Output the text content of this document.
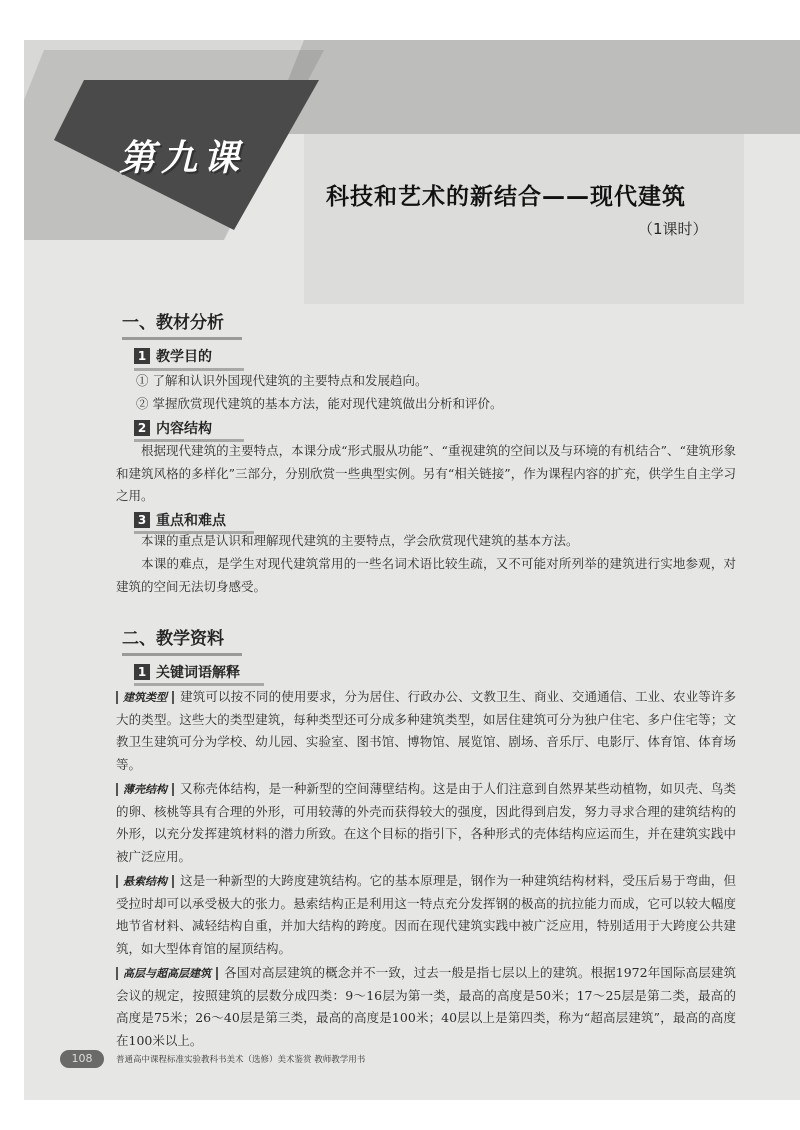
第九课
科技和艺术的新结合——现代建筑
（1课时）
一、教材分析
1 教学目的
① 了解和认识外国现代建筑的主要特点和发展趋向。
② 掌握欣赏现代建筑的基本方法，能对现代建筑做出分析和评价。
2 内容结构
根据现代建筑的主要特点，本课分成“形式服从功能”、“重视建筑的空间以及与环境的有机结合”、“建筑形象和建筑风格的多样化”三部分，分别欣赏一些典型实例。另有“相关链接”，作为课程内容的扩充，供学生自主学习之用。
3 重点和难点
本课的重点是认识和理解现代建筑的主要特点，学会欣赏现代建筑的基本方法。
本课的难点，是学生对现代建筑常用的一些名词术语比较生疏，又不可能对所列举的建筑进行实地参观，对建筑的空间无法切身感受。
二、教学资料
1 关键词语解释
建筑类型 建筑可以按不同的使用要求，分为居住、行政办公、文教卫生、商业、交通通信、工业、农业等许多大的类型。这些大的类型建筑，每种类型还可分成多种建筑类型，如居住建筑可分为独户住宅、多户住宅等；文教卫生建筑可分为学校、幼儿园、实验室、图书馆、博物馆、展览馆、剧场、音乐厅、电影厅、体育馆、体育场等。
薄壳结构 又称壳体结构，是一种新型的空间薄壁结构。这是由于人们注意到自然界某些动植物，如贝壳、鸟类的卵、核桃等具有合理的外形，可用较薄的外壳而获得较大的强度，因此得到启发，努力寻求合理的建筑结构的外形，以充分发挥建筑材料的潜力所致。在这个目标的指引下，各种形式的壳体结构应运而生，并在建筑实践中被广泛应用。
悬索结构 这是一种新型的大跨度建筑结构。它的基本原理是，钢作为一种建筑结构材料，受压后易于弯曲，但受拉时却可以承受极大的张力。悬索结构正是利用这一特点充分发挥钢的极高的抗拉能力而成，它可以较大幅度地节省材料、减轻结构自重，并加大结构的跨度。因而在现代建筑实践中被广泛应用，特别适用于大跨度公共建筑，如大型体育馆的屋顶结构。
高层与超高层建筑 各国对高层建筑的概念并不一致，过去一般是指七层以上的建筑。根据1972年国际高层建筑会议的规定，按照建筑的层数分成四类：9～16层为第一类，最高的高度是50米；17～25层是第二类，最高的高度是75米；26～40层是第三类，最高的高度是100米；40层以上是第四类，称为“超高层建筑”，最高的高度在100米以上。
108	普通高中课程标准实验教科书美术（选修）美术鉴赏 教师教学用书
